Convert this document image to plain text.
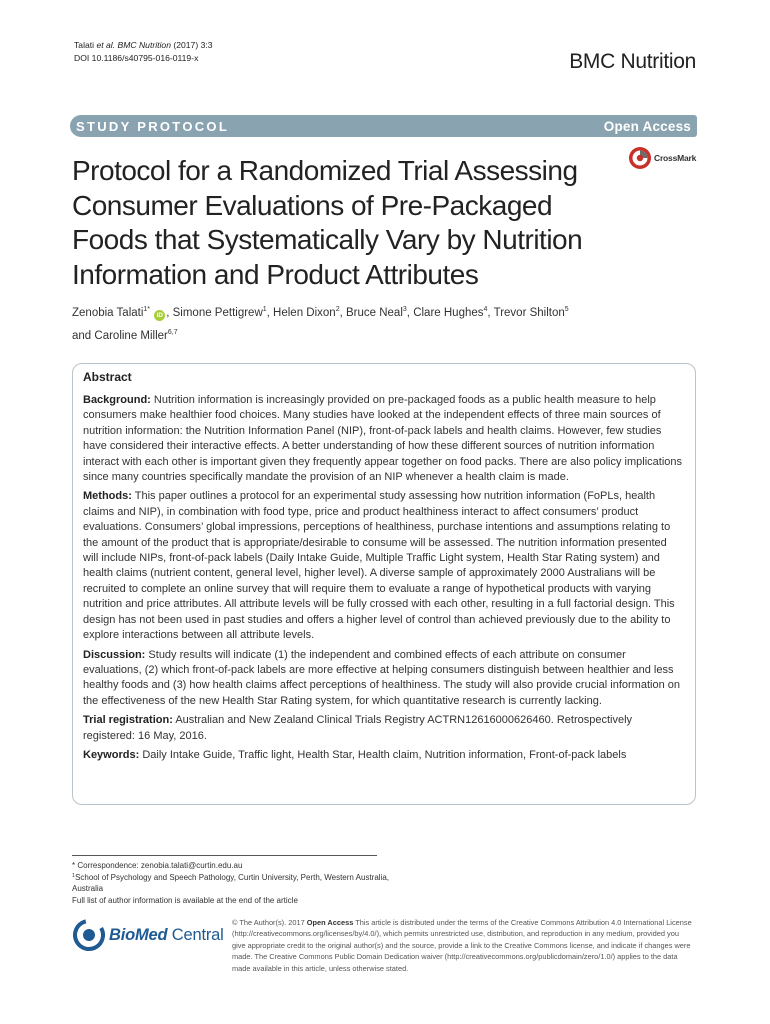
Talati et al. BMC Nutrition (2017) 3:3
DOI 10.1186/s40795-016-0119-x	BMC Nutrition
STUDY PROTOCOL	Open Access
Protocol for a Randomized Trial Assessing Consumer Evaluations of Pre-Packaged Foods that Systematically Vary by Nutrition Information and Product Attributes
CrossMark
Zenobia Talati$^{1*}$ iD , Simone Pettigrew$^1$, Helen Dixon$^2$, Bruce Neal$^3$, Clare Hughes$^4$, Trevor Shilton$^5$
and Caroline Miller$^{6,7}$
Abstract

Background: Nutrition information is increasingly provided on pre-packaged foods as a public health measure to help consumers make healthier food choices. Many studies have looked at the independent effects of three main sources of nutrition information: the Nutrition Information Panel (NIP), front-of-pack labels and health claims. However, few studies have considered their interactive effects. A better understanding of how these different sources of nutrition information interact with each other is important given they frequently appear together on food packs. There are also policy implications since many countries specifically mandate the provision of an NIP whenever a health claim is made.

Methods: This paper outlines a protocol for an experimental study assessing how nutrition information (FoPLs, health claims and NIP), in combination with food type, price and product healthiness interact to affect consumers’ product evaluations. Consumers’ global impressions, perceptions of healthiness, purchase intentions and assumptions relating to the amount of the product that is appropriate/desirable to consume will be assessed. The nutrition information presented will include NIPs, front-of-pack labels (Daily Intake Guide, Multiple Traffic Light system, Health Star Rating system) and health claims (nutrient content, general level, higher level). A diverse sample of approximately 2000 Australians will be recruited to complete an online survey that will require them to evaluate a range of hypothetical products with varying nutrition and price attributes. All attribute levels will be fully crossed with each other, resulting in a full factorial design. This design has not been used in past studies and offers a higher level of control than achieved previously due to the ability to explore interactions between all attribute levels.

Discussion: Study results will indicate (1) the independent and combined effects of each attribute on consumer evaluations, (2) which front-of-pack labels are more effective at helping consumers distinguish between healthier and less healthy foods and (3) how health claims affect perceptions of healthiness. The study will also provide crucial information on the effectiveness of the new Health Star Rating system, for which quantitative research is currently lacking.

Trial registration: Australian and New Zealand Clinical Trials Registry ACTRN12616000626460. Retrospectively registered: 16 May, 2016.

Keywords: Daily Intake Guide, Traffic light, Health Star, Health claim, Nutrition information, Front-of-pack labels

* Correspondence: zenobia.talati@curtin.edu.au
$^1$School of Psychology and Speech Pathology, Curtin University, Perth, Western Australia, Australia
Full list of author information is available at the end of the article
BioMed Central
© The Author(s). 2017 Open Access This article is distributed under the terms of the Creative Commons Attribution 4.0 International License (http://creativecommons.org/licenses/by/4.0/), which permits unrestricted use, distribution, and reproduction in any medium, provided you give appropriate credit to the original author(s) and the source, provide a link to the Creative Commons license, and indicate if changes were made. The Creative Commons Public Domain Dedication waiver (http://creativecommons.org/publicdomain/zero/1.0/) applies to the data made available in this article, unless otherwise stated.
